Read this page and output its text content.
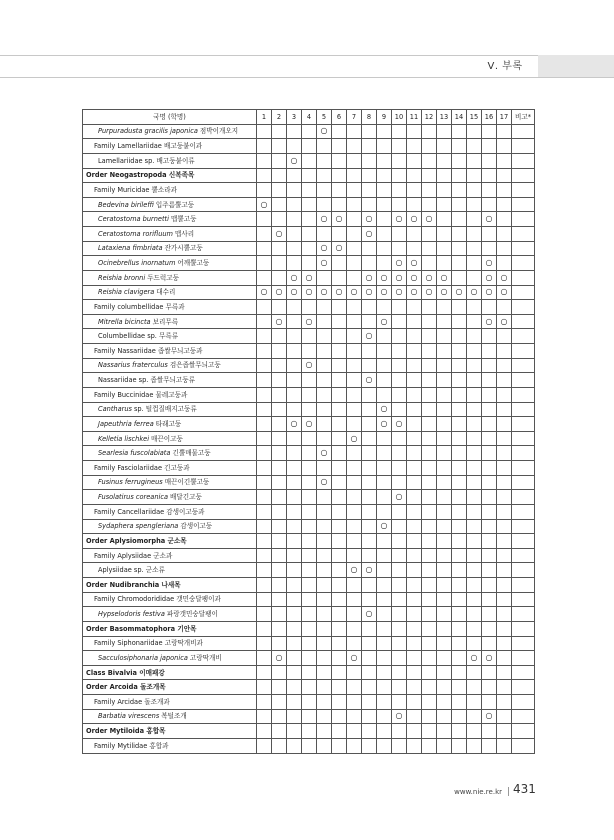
Ⅴ. 부록
국명 (학명)	1	2	3	4	5	6	7	8	9	10	11	12	13	14	15	16	17	비고*
Purpuradusta gracilis japonica 점박이개오지					○													
Family Lamellariidae 배고둥붙이과																		
Lamellariidae sp. 배고둥붙이류			○															
Order Neogastropoda 신복족목																		
Family Muricidae 뿔소라과																		
Bedevina birileffi 입주름뿔고둥	○																	
Ceratostoma burnetti 맵뿔고둥					○	○		○		○	○	○				○		
Ceratostoma rorifluum 맵사리		○						○										
Lataxiena fimbriata 잔가시뿔고둥					○	○												
Ocinebrellus inornatum 어깨뿔고둥					○					○	○					○		
Reishia bronni 두드럭고둥			○	○				○	○	○	○	○	○			○	○	
Reishia clavigera 대수리	○	○	○	○	○	○	○	○	○	○	○	○	○	○	○	○	○	
Family columbellidae 무륵과																		
Mitrella bicincta 보리무륵		○		○					○							○	○	
Columbellidae sp. 무륵류								○										
Family Nassariidae 좁쌀무늬고둥과																		
Nassarius fraterculus 검은좁쌀무늬고둥				○														
Nassariidae sp. 좁쌀무늬고둥류								○										
Family Buccinidae 물레고둥과																		
Cantharus sp. 털껍질배지고둥류									○									
Japeuthria ferrea 타래고둥			○	○					○	○								
Kelletia lischkei 매끈이고둥							○											
Searlesia fuscolabiata 긴뿔매물고둥					○													
Family Fasciolariidae 긴고둥과																		
Fusinus ferrugineus 매끈이긴뿔고둥					○													
Fusolatirus coreanica 배달긴고둥										○								
Family Cancellariidae 감생이고둥과																		
Sydaphera spengleriana 감생이고둥									○									
Order Aplysiomorpha 군소목																		
Family Aplysiidae 군소과																		
Aplysiidae sp. 군소류							○	○										
Order Nudibranchia 나새목																		
Family Chromodorididae 갯민숭달팽이과																		
Hypselodoris festiva 파랑갯민숭달팽이								○										
Order Basommatophora 기안목																		
Family Siphonariidae 고랑딱개비과																		
Sacculosiphonaria japonica 고랑딱개비		○					○								○	○		
Class Bivalvia 이매패강																		
Order Arcoida 돌조개목																		
Family Arcidae 돌조개과																		
Barbatia virescens 복털조개										○						○		
Order Mytiloida 홍합목																		
Family Mytilidae 홍합과																		
www.nie.re.kr 431
